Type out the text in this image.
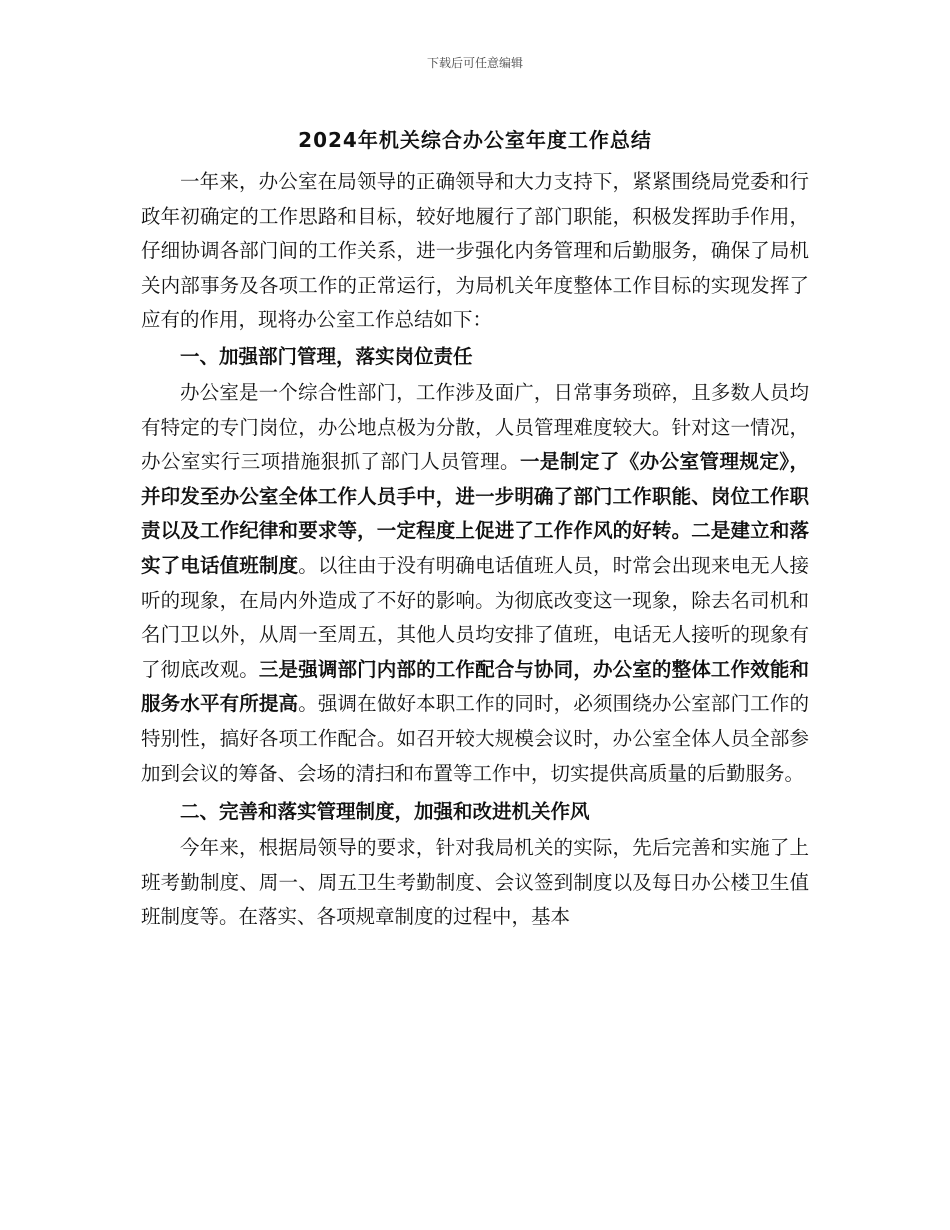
下载后可任意编辑
2024年机关综合办公室年度工作总结

一年来，办公室在局领导的正确领导和大力支持下，紧紧围绕局党委和行政年初确定的工作思路和目标，较好地履行了部门职能，积极发挥助手作用，仔细协调各部门间的工作关系，进一步强化内务管理和后勤服务，确保了局机关内部事务及各项工作的正常运行，为局机关年度整体工作目标的实现发挥了应有的作用，现将办公室工作总结如下：

一、加强部门管理，落实岗位责任

办公室是一个综合性部门，工作涉及面广，日常事务琐碎，且多数人员均有特定的专门岗位，办公地点极为分散，人员管理难度较大。针对这一情况，办公室实行三项措施狠抓了部门人员管理。一是制定了《办公室管理规定》，并印发至办公室全体工作人员手中，进一步明确了部门工作职能、岗位工作职责以及工作纪律和要求等，一定程度上促进了工作作风的好转。二是建立和落实了电话值班制度。以往由于没有明确电话值班人员，时常会出现来电无人接听的现象，在局内外造成了不好的影响。为彻底改变这一现象，除去名司机和名门卫以外，从周一至周五，其他人员均安排了值班，电话无人接听的现象有了彻底改观。三是强调部门内部的工作配合与协同，办公室的整体工作效能和服务水平有所提高。强调在做好本职工作的同时，必须围绕办公室部门工作的特别性，搞好各项工作配合。如召开较大规模会议时，办公室全体人员全部参加到会议的筹备、会场的清扫和布置等工作中，切实提供高质量的后勤服务。

二、完善和落实管理制度，加强和改进机关作风

今年来，根据局领导的要求，针对我局机关的实际，先后完善和实施了上班考勤制度、周一、周五卫生考勤制度、会议签到制度以及每日办公楼卫生值班制度等。在落实、各项规章制度的过程中，基本
